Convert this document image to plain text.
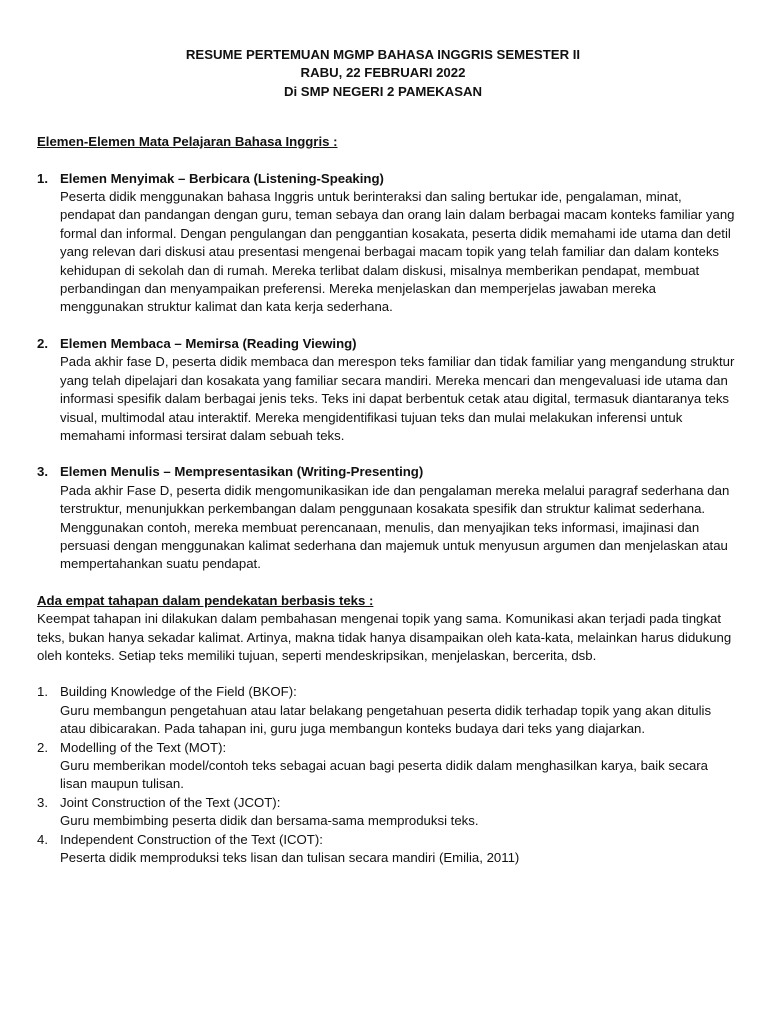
RESUME PERTEMUAN MGMP BAHASA INGGRIS SEMESTER II
RABU, 22 FEBRUARI 2022
Di SMP NEGERI 2 PAMEKASAN

Elemen-Elemen Mata Pelajaran Bahasa Inggris :

1. Elemen Menyimak – Berbicara (Listening-Speaking)
Peserta didik menggunakan bahasa Inggris untuk berinteraksi dan saling bertukar ide, pengalaman, minat, pendapat dan pandangan dengan guru, teman sebaya dan orang lain dalam berbagai macam konteks familiar yang formal dan informal. Dengan pengulangan dan penggantian kosakata, peserta didik memahami ide utama dan detil yang relevan dari diskusi atau presentasi mengenai berbagai macam topik yang telah familiar dan dalam konteks kehidupan di sekolah dan di rumah. Mereka terlibat dalam diskusi, misalnya memberikan pendapat, membuat perbandingan dan menyampaikan preferensi. Mereka menjelaskan dan memperjelas jawaban mereka menggunakan struktur kalimat dan kata kerja sederhana.
2. Elemen Membaca – Memirsa (Reading Viewing)
Pada akhir fase D, peserta didik membaca dan merespon teks familiar dan tidak familiar yang mengandung struktur yang telah dipelajari dan kosakata yang familiar secara mandiri. Mereka mencari dan mengevaluasi ide utama dan informasi spesifik dalam berbagai jenis teks. Teks ini dapat berbentuk cetak atau digital, termasuk diantaranya teks visual, multimodal atau interaktif. Mereka mengidentifikasi tujuan teks dan mulai melakukan inferensi untuk memahami informasi tersirat dalam sebuah teks.
3. Elemen Menulis – Mempresentasikan (Writing-Presenting)
Pada akhir Fase D, peserta didik mengomunikasikan ide dan pengalaman mereka melalui paragraf sederhana dan terstruktur, menunjukkan perkembangan dalam penggunaan kosakata spesifik dan struktur kalimat sederhana. Menggunakan contoh, mereka membuat perencanaan, menulis, dan menyajikan teks informasi, imajinasi dan persuasi dengan menggunakan kalimat sederhana dan majemuk untuk menyusun argumen dan menjelaskan atau mempertahankan suatu pendapat.

Ada empat tahapan dalam pendekatan berbasis teks :

Keempat tahapan ini dilakukan dalam pembahasan mengenai topik yang sama. Komunikasi akan terjadi pada tingkat teks, bukan hanya sekadar kalimat. Artinya, makna tidak hanya disampaikan oleh kata-kata, melainkan harus didukung oleh konteks. Setiap teks memiliki tujuan, seperti mendeskripsikan, menjelaskan, bercerita, dsb.

1. Building Knowledge of the Field (BKOF):
Guru membangun pengetahuan atau latar belakang pengetahuan peserta didik terhadap topik yang akan ditulis atau dibicarakan. Pada tahapan ini, guru juga membangun konteks budaya dari teks yang diajarkan.
2. Modelling of the Text (MOT):
Guru memberikan model/contoh teks sebagai acuan bagi peserta didik dalam menghasilkan karya, baik secara lisan maupun tulisan.
3. Joint Construction of the Text (JCOT):
Guru membimbing peserta didik dan bersama-sama memproduksi teks.
4. Independent Construction of the Text (ICOT):
Peserta didik memproduksi teks lisan dan tulisan secara mandiri (Emilia, 2011)
